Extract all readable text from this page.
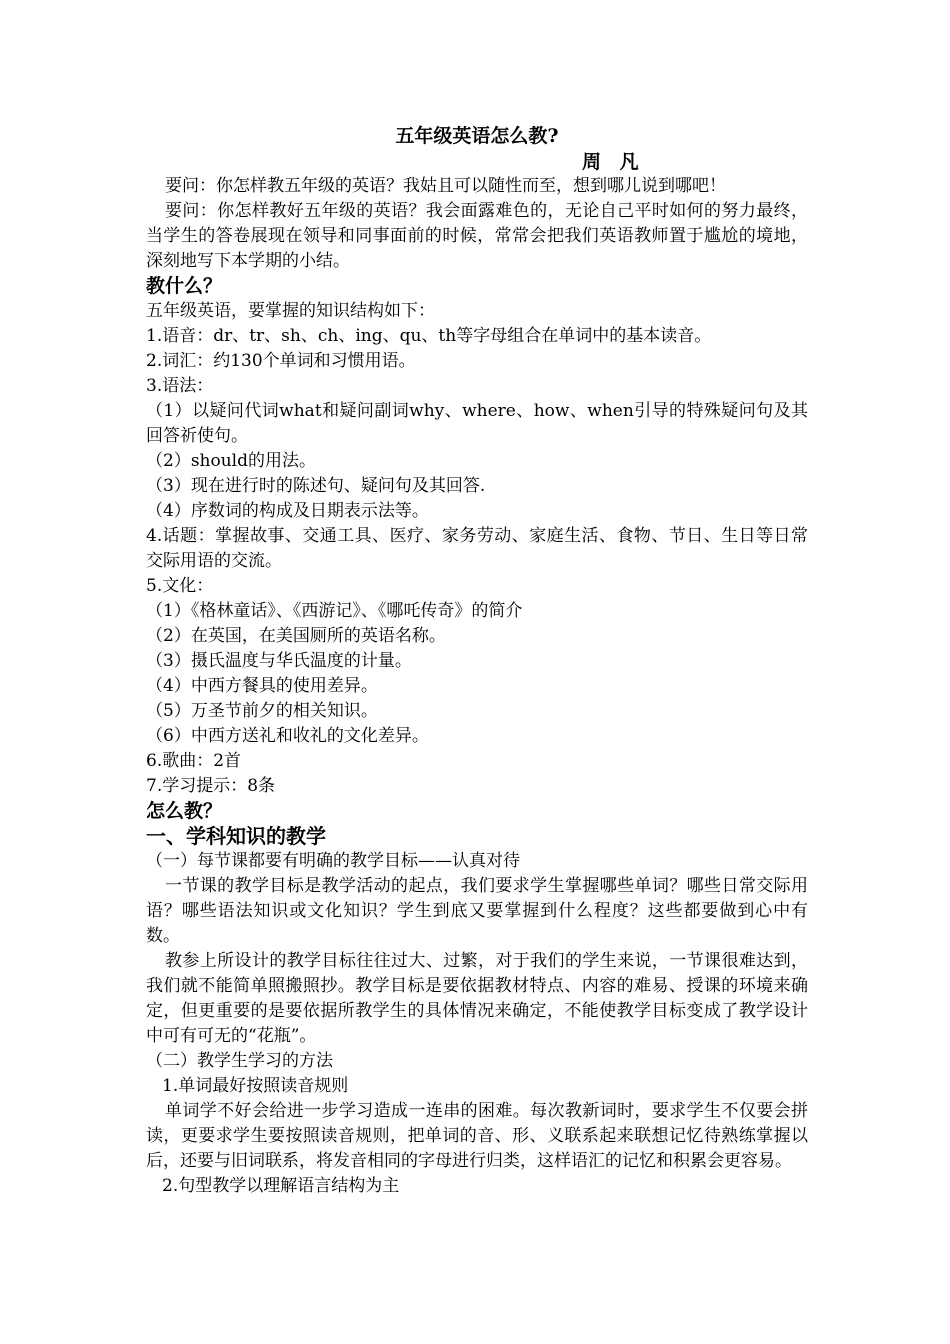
五年级英语怎么教?
周 凡
要问：你怎样教五年级的英语？我姑且可以随性而至，想到哪儿说到哪吧！
要问：你怎样教好五年级的英语？我会面露难色的，无论自己平时如何的努力最终，当学生的答卷展现在领导和同事面前的时候，常常会把我们英语教师置于尴尬的境地，深刻地写下本学期的小结。
教什么？
五年级英语，要掌握的知识结构如下：
1.语音：dr、tr、sh、ch、ing、qu、th等字母组合在单词中的基本读音。
2.词汇：约130个单词和习惯用语。
3.语法：
（1）以疑问代词what和疑问副词why、where、how、when引导的特殊疑问句及其回答祈使句。
（2）should的用法。
（3）现在进行时的陈述句、疑问句及其回答.
（4）序数词的构成及日期表示法等。
4.话题：掌握故事、交通工具、医疗、家务劳动、家庭生活、食物、节日、生日等日常交际用语的交流。
5.文化：
（1）《格林童话》、《西游记》、《哪吒传奇》的简介
（2）在英国，在美国厕所的英语名称。
（3）摄氏温度与华氏温度的计量。
（4）中西方餐具的使用差异。
（5）万圣节前夕的相关知识。
（6）中西方送礼和收礼的文化差异。
6.歌曲：2首
7.学习提示：8条
怎么教？
一、学科知识的教学
（一）每节课都要有明确的教学目标——认真对待
一节课的教学目标是教学活动的起点，我们要求学生掌握哪些单词？哪些日常交际用语？哪些语法知识或文化知识？学生到底又要掌握到什么程度？这些都要做到心中有数。
教参上所设计的教学目标往往过大、过繁，对于我们的学生来说，一节课很难达到，我们就不能简单照搬照抄。教学目标是要依据教材特点、内容的难易、授课的环境来确定，但更重要的是要依据所教学生的具体情况来确定，不能使教学目标变成了教学设计中可有可无的“花瓶”。
（二）教学生学习的方法
1.单词最好按照读音规则
单词学不好会给进一步学习造成一连串的困难。每次教新词时，要求学生不仅要会拼读，更要求学生要按照读音规则，把单词的音、形、义联系起来联想记忆待熟练掌握以后，还要与旧词联系，将发音相同的字母进行归类，这样语汇的记忆和积累会更容易。
2.句型教学以理解语言结构为主
